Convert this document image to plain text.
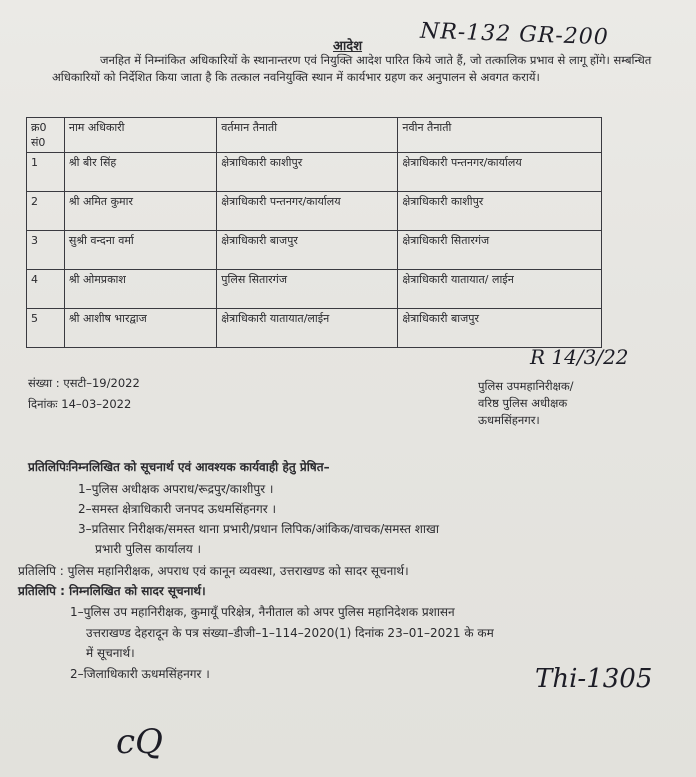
आदेश	NR-132 GR-200
जनहित में निम्नांकित अधिकारियों के स्थानान्तरण एवं नियुक्ति आदेश पारित किये जाते हैं, जो तत्कालिक प्रभाव से लागू होंगे। सम्बन्धित अधिकारियों को निर्देशित किया जाता है कि तत्काल नवनियुक्ति स्थान में कार्यभार ग्रहण कर अनुपालन से अवगत करायें।
क्र0 सं0	नाम अधिकारी	वर्तमान तैनाती	नवीन तैनाती
1	श्री बीर सिंह	क्षेत्राधिकारी काशीपुर	क्षेत्राधिकारी पन्तनगर/कार्यालय
2	श्री अमित कुमार	क्षेत्राधिकारी पन्तनगर/कार्यालय	क्षेत्राधिकारी काशीपुर
3	सुश्री वन्दना वर्मा	क्षेत्राधिकारी बाजपुर	क्षेत्राधिकारी सितारगंज
4	श्री ओमप्रकाश	पुलिस सितारगंज	क्षेत्राधिकारी यातायात/ लाईन
5	श्री आशीष भारद्वाज	क्षेत्राधिकारी यातायात/लाईन	क्षेत्राधिकारी बाजपुर
R 14/3/22
संख्या : एसटी–19/2022
दिनांकः 14–03–2022
पुलिस उपमहानिरीक्षक/
वरिष्ठ पुलिस अधीक्षक
ऊधमसिंहनगर।
प्रतिलिपिःनिम्नलिखित को सूचनार्थ एवं आवश्यक कार्यवाही हेतु प्रेषित–
1–पुलिस अधीक्षक अपराध/रूद्रपुर/काशीपुर ।
2–समस्त क्षेत्राधिकारी जनपद ऊधमसिंहनगर ।
3–प्रतिसार निरीक्षक/समस्त थाना प्रभारी/प्रधान लिपिक/आंकिक/वाचक/समस्त शाखा
प्रभारी पुलिस कार्यालय ।
प्रतिलिपि : पुलिस महानिरीक्षक, अपराध एवं कानून व्यवस्था, उत्तराखण्ड को सादर सूचनार्थ।
प्रतिलिपि : निम्नलिखित को सादर सूचनार्थ।
1–पुलिस उप महानिरीक्षक, कुमायूँ परिक्षेत्र, नैनीताल को अपर पुलिस महानिदेशक प्रशासन
उत्तराखण्ड देहरादून के पत्र संख्या–डीजी–1–114–2020(1) दिनांक 23–01–2021 के कम
में सूचनार्थ।
2–जिलाधिकारी ऊधमसिंहनगर ।	Thi-1305
cQ
